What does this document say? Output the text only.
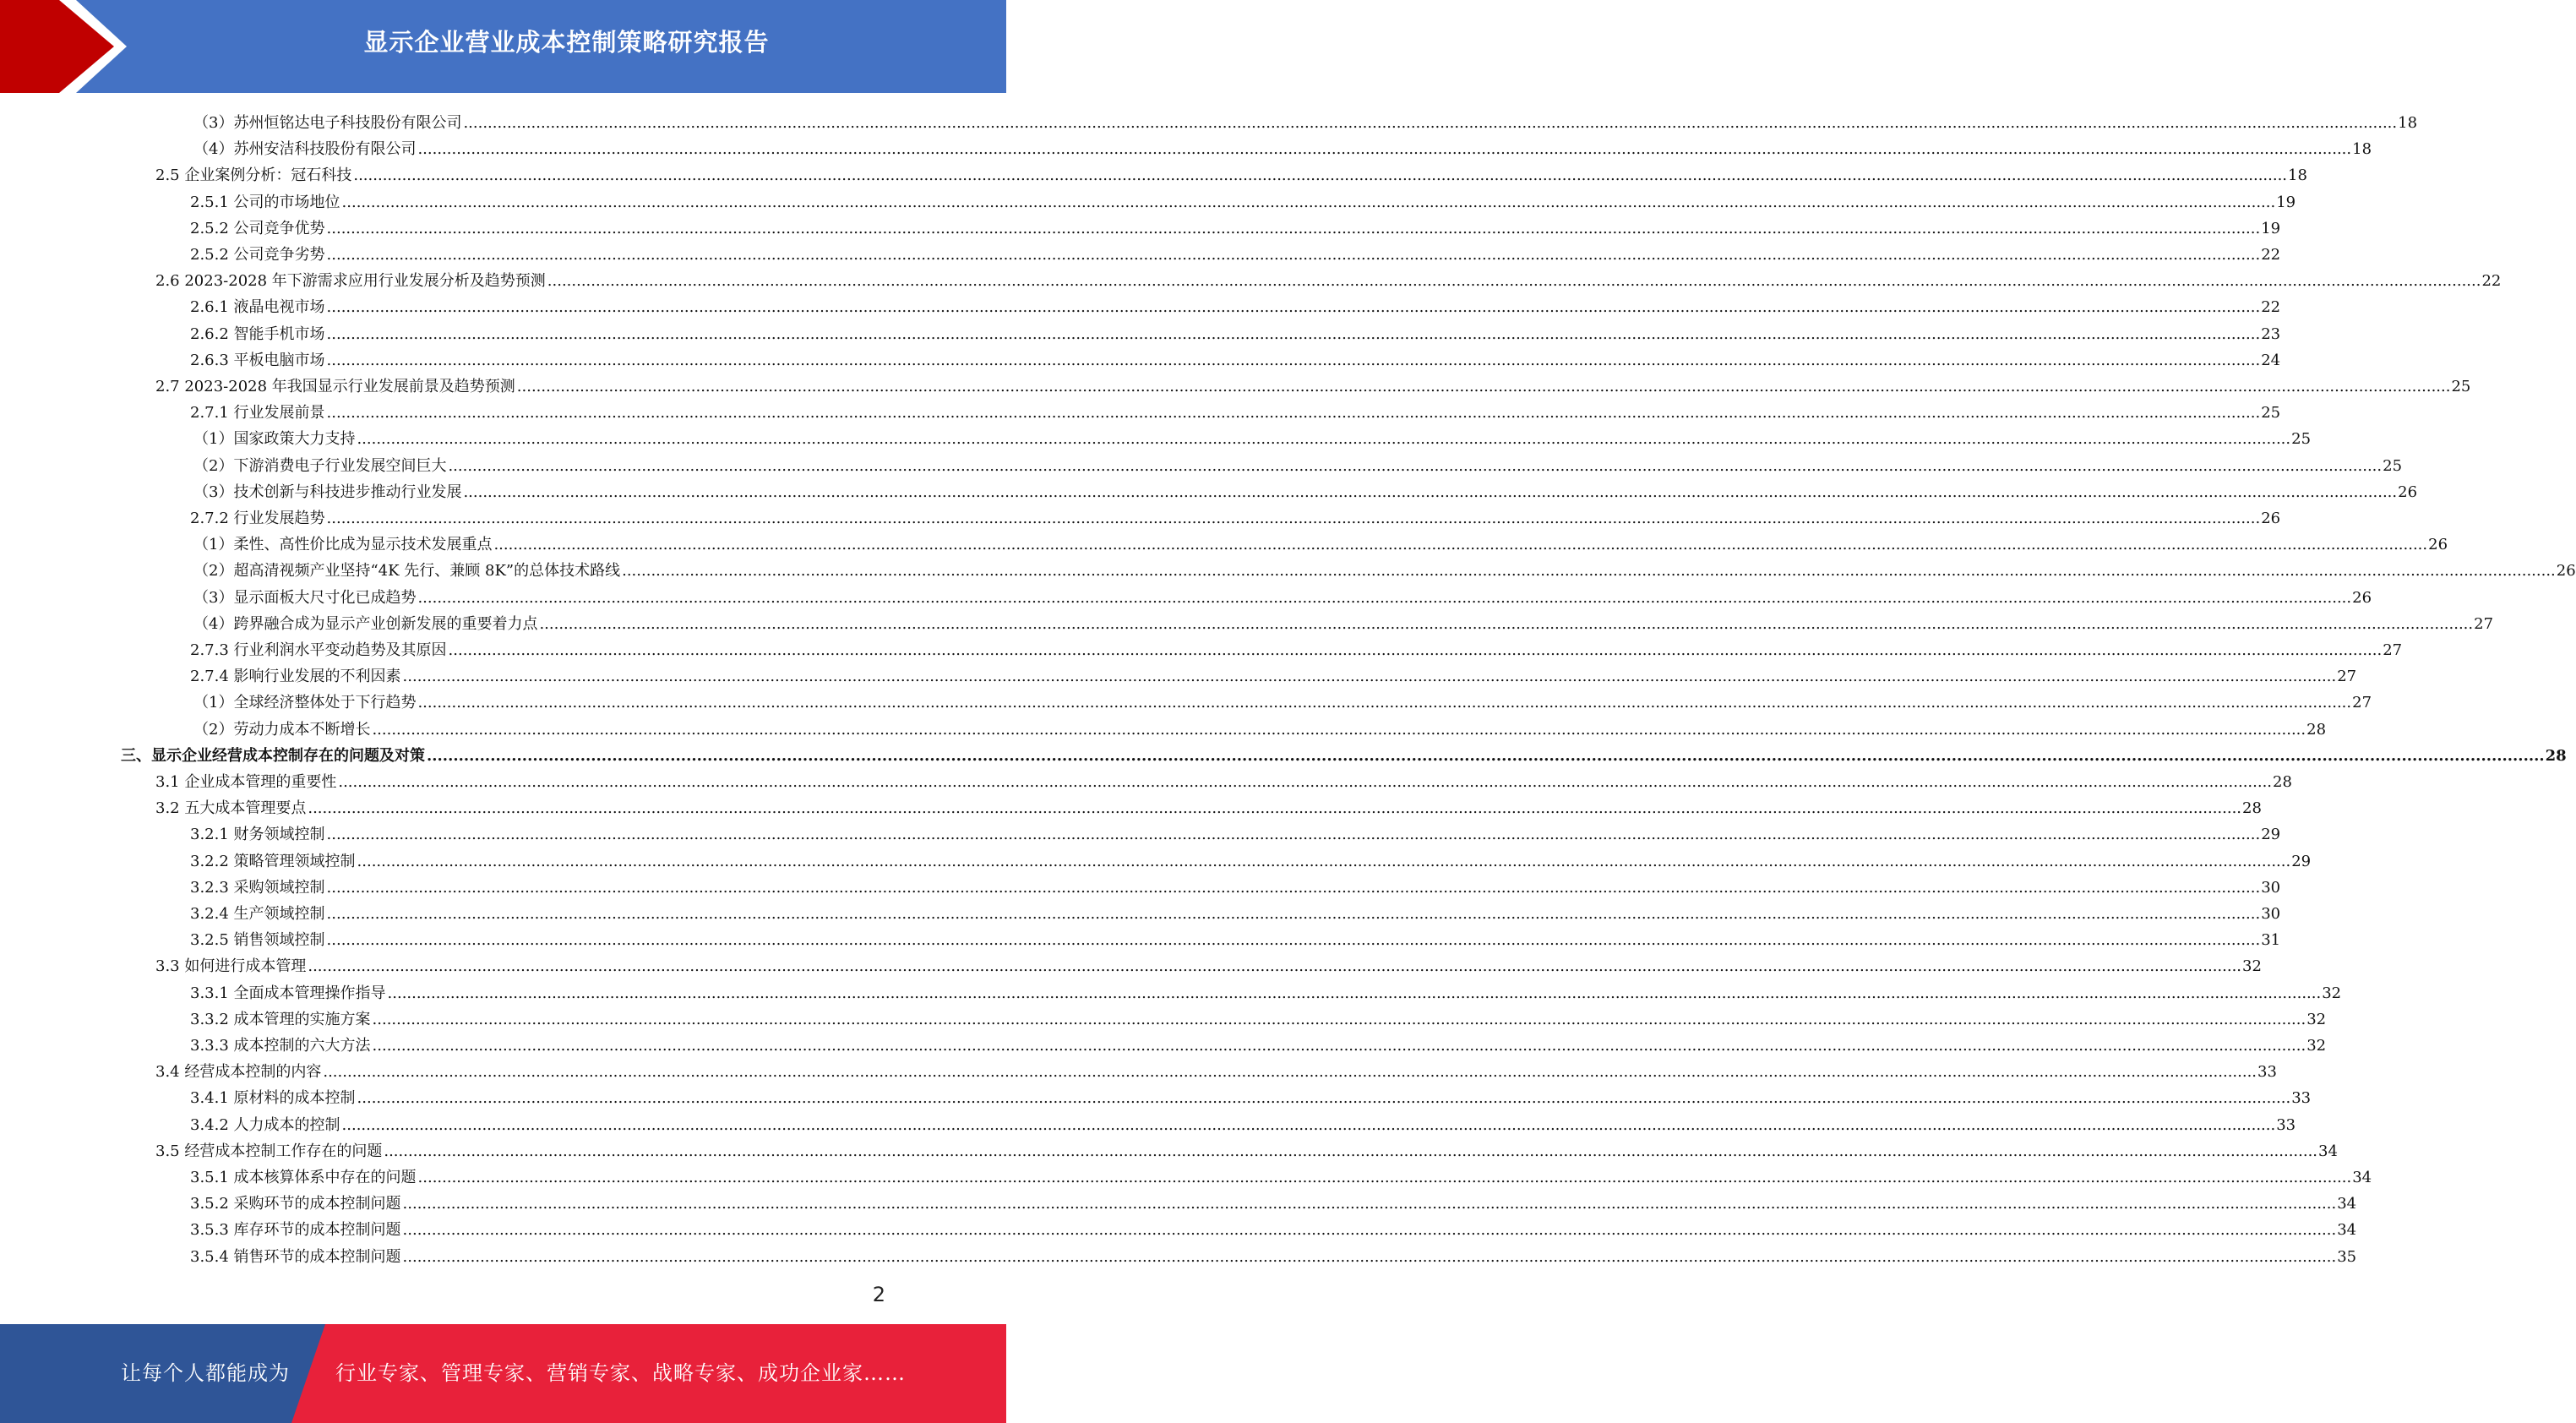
显示企业营业成本控制策略研究报告
（3）苏州恒铭达电子科技股份有限公司 ................................................................................................................................................................................................................................................................................................................................................................................................................ 18
（4）苏州安洁科技股份有限公司 ................................................................................................................................................................................................................................................................................................................................................................................................................ 18
2.5 企业案例分析：冠石科技 ................................................................................................................................................................................................................................................................................................................................................................................................................ 18
2.5.1 公司的市场地位 ................................................................................................................................................................................................................................................................................................................................................................................................................ 19
2.5.2 公司竞争优势 ................................................................................................................................................................................................................................................................................................................................................................................................................ 19
2.5.2 公司竞争劣势 ................................................................................................................................................................................................................................................................................................................................................................................................................ 22
2.6 2023-2028 年下游需求应用行业发展分析及趋势预测 ................................................................................................................................................................................................................................................................................................................................................................................................................ 22
2.6.1 液晶电视市场 ................................................................................................................................................................................................................................................................................................................................................................................................................ 22
2.6.2 智能手机市场 ................................................................................................................................................................................................................................................................................................................................................................................................................ 23
2.6.3 平板电脑市场 ................................................................................................................................................................................................................................................................................................................................................................................................................ 24
2.7 2023-2028 年我国显示行业发展前景及趋势预测 ................................................................................................................................................................................................................................................................................................................................................................................................................ 25
2.7.1 行业发展前景 ................................................................................................................................................................................................................................................................................................................................................................................................................ 25
（1）国家政策大力支持 ................................................................................................................................................................................................................................................................................................................................................................................................................ 25
（2）下游消费电子行业发展空间巨大 ................................................................................................................................................................................................................................................................................................................................................................................................................ 25
（3）技术创新与科技进步推动行业发展 ................................................................................................................................................................................................................................................................................................................................................................................................................ 26
2.7.2 行业发展趋势 ................................................................................................................................................................................................................................................................................................................................................................................................................ 26
（1）柔性、高性价比成为显示技术发展重点 ................................................................................................................................................................................................................................................................................................................................................................................................................ 26
（2）超高清视频产业坚持“4K 先行、兼顾 8K”的总体技术路线 ................................................................................................................................................................................................................................................................................................................................................................................................................ 26
（3）显示面板大尺寸化已成趋势 ................................................................................................................................................................................................................................................................................................................................................................................................................ 26
（4）跨界融合成为显示产业创新发展的重要着力点 ................................................................................................................................................................................................................................................................................................................................................................................................................ 27
2.7.3 行业利润水平变动趋势及其原因 ................................................................................................................................................................................................................................................................................................................................................................................................................ 27
2.7.4 影响行业发展的不利因素 ................................................................................................................................................................................................................................................................................................................................................................................................................ 27
（1）全球经济整体处于下行趋势 ................................................................................................................................................................................................................................................................................................................................................................................................................ 27
（2）劳动力成本不断增长 ................................................................................................................................................................................................................................................................................................................................................................................................................ 28
三、显示企业经营成本控制存在的问题及对策 ................................................................................................................................................................................................................................................................................................................................................................................................................ 28
3.1 企业成本管理的重要性 ................................................................................................................................................................................................................................................................................................................................................................................................................ 28
3.2 五大成本管理要点 ................................................................................................................................................................................................................................................................................................................................................................................................................ 28
3.2.1 财务领域控制 ................................................................................................................................................................................................................................................................................................................................................................................................................ 29
3.2.2 策略管理领域控制 ................................................................................................................................................................................................................................................................................................................................................................................................................ 29
3.2.3 采购领域控制 ................................................................................................................................................................................................................................................................................................................................................................................................................ 30
3.2.4 生产领域控制 ................................................................................................................................................................................................................................................................................................................................................................................................................ 30
3.2.5 销售领域控制 ................................................................................................................................................................................................................................................................................................................................................................................................................ 31
3.3 如何进行成本管理 ................................................................................................................................................................................................................................................................................................................................................................................................................ 32
3.3.1 全面成本管理操作指导 ................................................................................................................................................................................................................................................................................................................................................................................................................ 32
3.3.2 成本管理的实施方案 ................................................................................................................................................................................................................................................................................................................................................................................................................ 32
3.3.3 成本控制的六大方法 ................................................................................................................................................................................................................................................................................................................................................................................................................ 32
3.4 经营成本控制的内容 ................................................................................................................................................................................................................................................................................................................................................................................................................ 33
3.4.1 原材料的成本控制 ................................................................................................................................................................................................................................................................................................................................................................................................................ 33
3.4.2 人力成本的控制 ................................................................................................................................................................................................................................................................................................................................................................................................................ 33
3.5 经营成本控制工作存在的问题 ................................................................................................................................................................................................................................................................................................................................................................................................................ 34
3.5.1 成本核算体系中存在的问题 ................................................................................................................................................................................................................................................................................................................................................................................................................ 34
3.5.2 采购环节的成本控制问题 ................................................................................................................................................................................................................................................................................................................................................................................................................ 34
3.5.3 库存环节的成本控制问题 ................................................................................................................................................................................................................................................................................................................................................................................................................ 34
3.5.4 销售环节的成本控制问题 ................................................................................................................................................................................................................................................................................................................................................................................................................ 35
2
让每个人都能成为 行业专家、管理专家、营销专家、战略专家、成功企业家……
